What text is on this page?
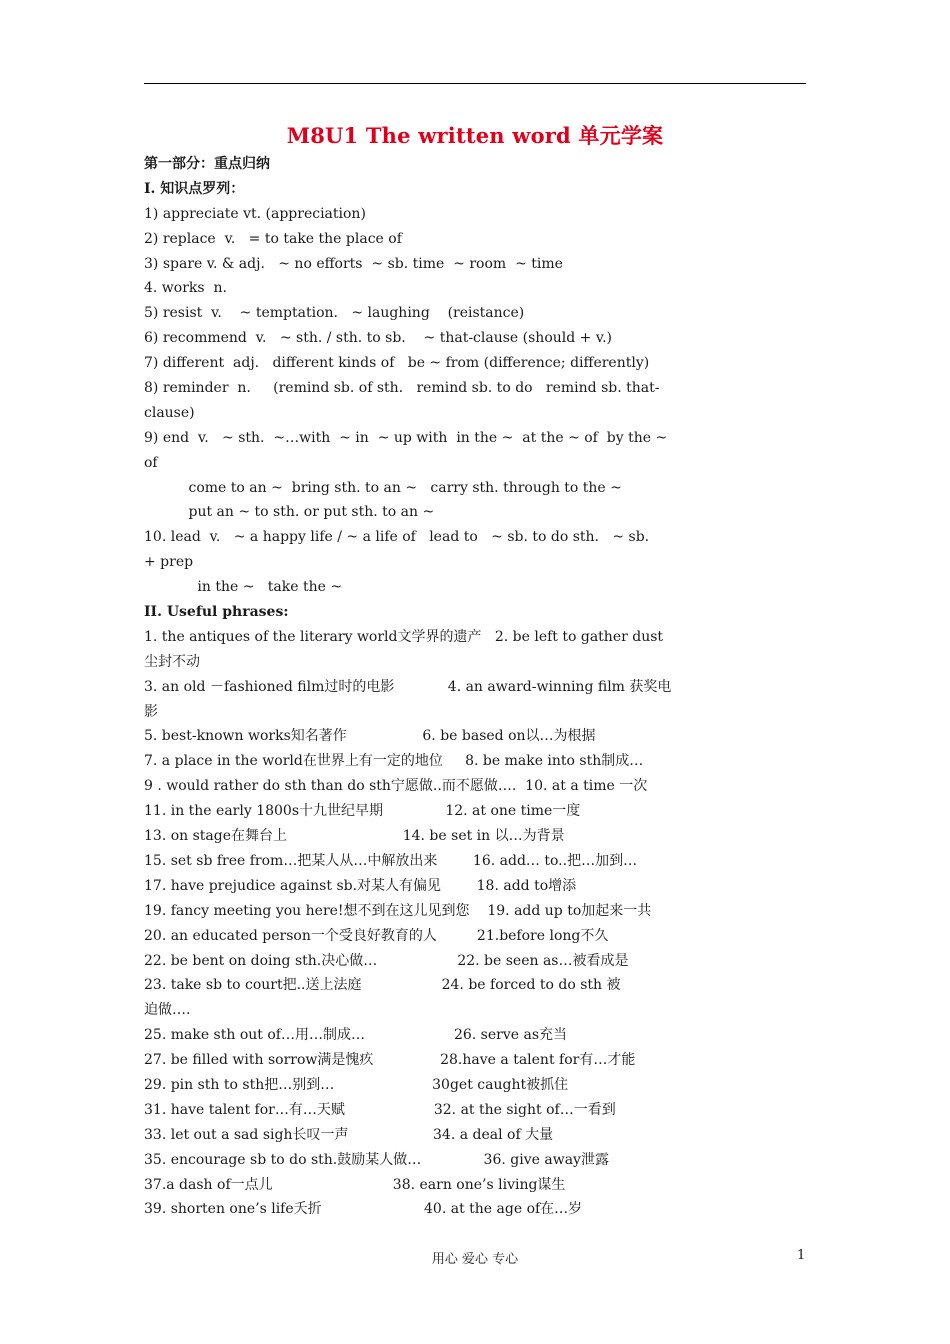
M8U1 The written word 单元学案
第一部分：重点归纳
I. 知识点罗列：
1) appreciate vt. (appreciation)
2) replace  v.   = to take the place of
3) spare v. & adj.   ~ no efforts  ~ sb. time  ~ room  ~ time
4. works  n.
5) resist  v.    ~ temptation.   ~ laughing    (reistance)
6) recommend  v.   ~ sth. / sth. to sb.    ~ that-clause (should + v.)
7) different  adj.   different kinds of   be ~ from (difference; differently)
8) reminder  n.     (remind sb. of sth.   remind sb. to do   remind sb. that-
clause)
9) end  v.   ~ sth.  ~…with  ~ in  ~ up with  in the ~  at the ~ of  by the ~
of
come to an ~  bring sth. to an ~   carry sth. through to the ~
put an ~ to sth. or put sth. to an ~
10. lead  v.   ~ a happy life / ~ a life of   lead to   ~ sb. to do sth.   ~ sb.
+ prep
in the ~   take the ~
II. Useful phrases:
1. the antiques of the literary world文学界的遗产   2. be left to gather dust
尘封不动
3. an old －fashioned film过时的电影            4. an award-winning film 获奖电
影
5. best-known works知名著作                 6. be based on以…为根据
7. a place in the world在世界上有一定的地位     8. be make into sth制成…
9 . would rather do sth than do sth宁愿做..而不愿做….  10. at a time 一次
11. in the early 1800s十九世纪早期              12. at one time一度
13. on stage在舞台上                          14. be set in 以…为背景
15. set sb free from…把某人从…中解放出来        16. add… to..把…加到…
17. have prejudice against sb.对某人有偏见        18. add to增添
19. fancy meeting you here!想不到在这儿见到您    19. add up to加起来一共
20. an educated person一个受良好教育的人         21.before long不久
22. be bent on doing sth.决心做…                  22. be seen as…被看成是
23. take sb to court把..送上法庭                  24. be forced to do sth 被
迫做….
25. make sth out of…用…制成…                    26. serve as充当
27. be filled with sorrow满是愧疚               28.have a talent for有…才能
29. pin sth to sth把…别到…                      30get caught被抓住
31. have talent for…有…天赋                    32. at the sight of…一看到
33. let out a sad sigh长叹一声                   34. a deal of 大量
35. encourage sb to do sth.鼓励某人做…              36. give away泄露
37.a dash of一点儿                           38. earn one’s living谋生
39. shorten one’s life夭折                       40. at the age of在…岁
用心 爱心 专心	1
